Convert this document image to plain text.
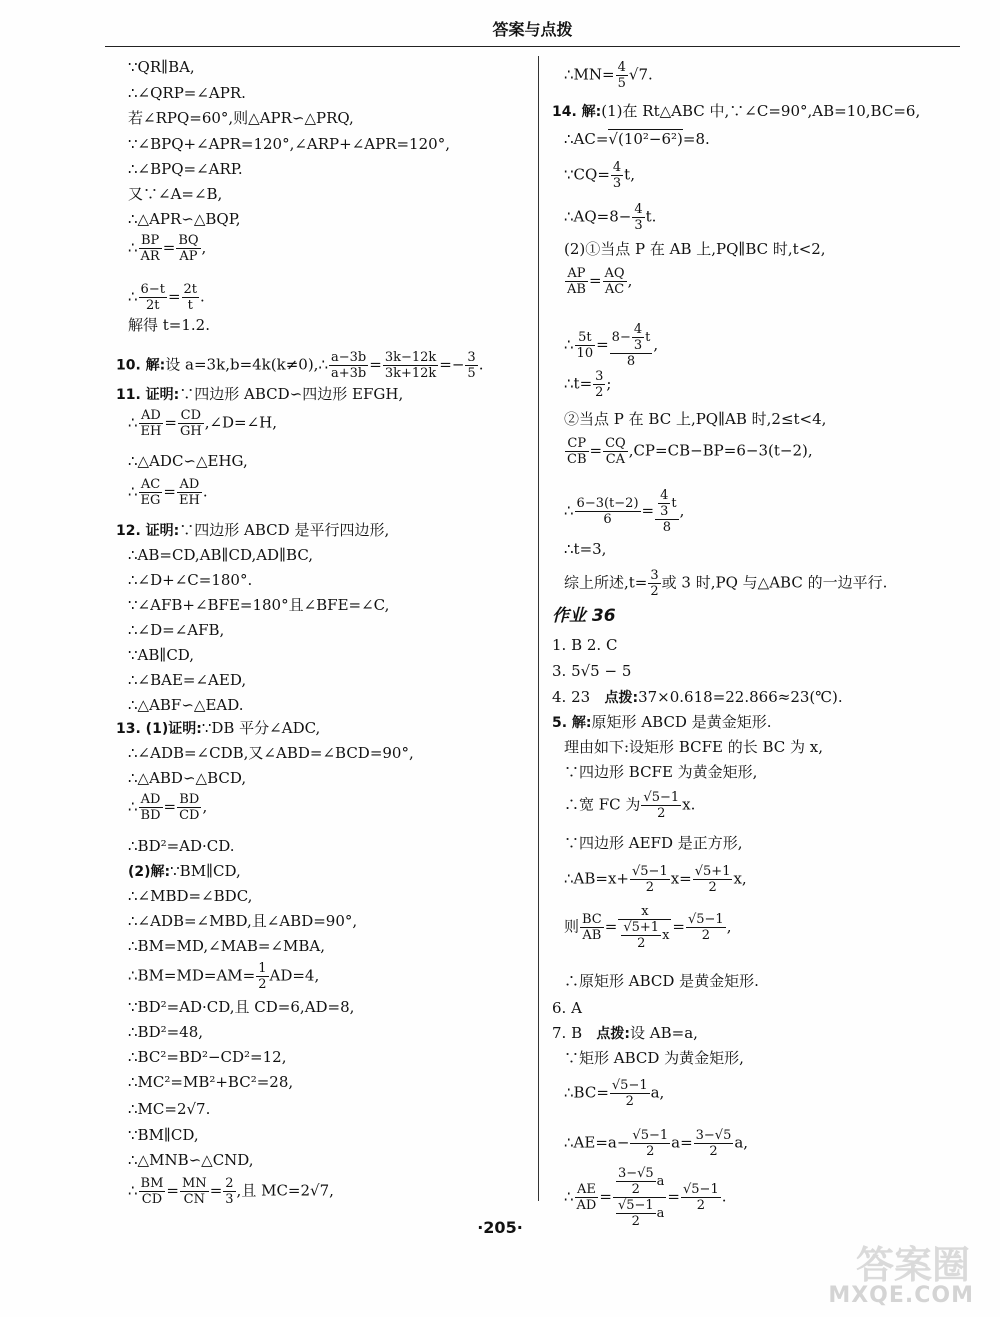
答案与点拨
∵QR∥BA,
∴∠QRP=∠APR.
若∠RPQ=60°,则△APR∽△PRQ,
∵∠BPQ+∠APR=120°,∠ARP+∠APR=120°,
∴∠BPQ=∠ARP.
又∵∠A=∠B,
∴△APR∽△BQP,
∴ $\frac{BP}{AR} = \frac{BQ}{AP}$ ,
∴ $\frac{6-t}{2t} = \frac{2t}{t}$ .
解得 t=1.2.
10. 解:设 a=3k,b=4k(k≠0),∴ $\frac{a-3b}{a+3b} = \frac{3k-12k}{3k+12k} =- \frac{3}{5}$ .
11. 证明:∵四边形 ABCD∽四边形 EFGH,
∴ $\frac{AD}{EH} = \frac{CD}{GH}$ ,∠D=∠H,
∴△ADC∽△EHG,
∴ $\frac{AC}{EG} = \frac{AD}{EH}$ .
12. 证明:∵四边形 ABCD 是平行四边形,
∴AB=CD,AB∥CD,AD∥BC,
∴∠D+∠C=180°.
∵∠AFB+∠BFE=180°且∠BFE=∠C,
∴∠D=∠AFB,
∵AB∥CD,
∴∠BAE=∠AED,
∴△ABF∽△EAD.
13. (1)证明:∵DB 平分∠ADC,
∴∠ADB=∠CDB,又∠ABD=∠BCD=90°,
∴△ABD∽△BCD,
∴ $\frac{AD}{BD} = \frac{BD}{CD}$ ,
∴BD²=AD·CD.
(2)解:∵BM∥CD,
∴∠MBD=∠BDC,
∴∠ADB=∠MBD,且∠ABD=90°,
∴BM=MD,∠MAB=∠MBA,
∴BM=MD=AM= $\frac{1}{2} AD=4$,
∵BD²=AD·CD,且 CD=6,AD=8,
∴BD²=48,
∴BC²=BD²−CD²=12,
∴MC²=MB²+BC²=28,
∴MC=2√7.
∵BM∥CD,
∴△MNB∽△CND,
∴ $\frac{BM}{CD} = \frac{MN}{CN} = \frac{2}{3}$ ,且 MC=2√7,
∴MN= $\frac{4}{5} √7$.
14. 解:(1)在 Rt△ABC 中,∵∠C=90°,AB=10,BC=6,
∴AC=√(10²−6²)=8.
∵CQ= $\frac{4}{3} t$,
∴AQ=8− $\frac{4}{3} t$.
(2)①当点 P 在 AB 上,PQ∥BC 时,t<2,
$\frac{AP}{AB} = \frac{AQ}{AC}$ ,
∴ $\frac{5t}{10} = \frac{8- \frac{4}{3} t}{8}$ ,
∴t= $\frac{3}{2}$ ;
②当点 P 在 BC 上,PQ∥AB 时,2≤t<4,
$\frac{CP}{CB} = \frac{CQ}{CA} ,CP=CB-BP=6-3(t-2)$,
∴ $\frac{6-3(t-2)}{6} = \frac{\frac{4}{3} t}{8}$ ,
∴t=3,
综上所述$,t= \frac{3}{2}$ 或 3 时,PQ 与△ABC 的一边平行.
作业 36
1. B 2. C
3. 5√5 − 5
4. 23 点拨:37×0.618=22.866≈23(℃).
5. 解:原矩形 ABCD 是黄金矩形.
理由如下:设矩形 BCFE 的长 BC 为 x,
∵四边形 BCFE 为黄金矩形,
∴宽 FC 为 $\frac{√5-1}{2} x$.
∵四边形 AEFD 是正方形,
∴AB=x+ $\frac{√5-1}{2} x= \frac{√5+1}{2} x$,
则 $\frac{BC}{AB} = \frac{x}{\frac{√5+1}{2} x} = \frac{√5-1}{2}$ ,
∴原矩形 ABCD 是黄金矩形.
6. A
7. B 点拨:设 AB=a,
∵矩形 ABCD 为黄金矩形,
∴BC= $\frac{√5-1}{2} a$,
∴AE=a− $\frac{√5-1}{2} a= \frac{3-√5}{2} a$,
∴ $\frac{AE}{AD} = \frac{\frac{3-√5}{2} a}{\frac{√5-1}{2} a} = \frac{√5-1}{2}$ .
·205·
答案圈
MXQE.COM
